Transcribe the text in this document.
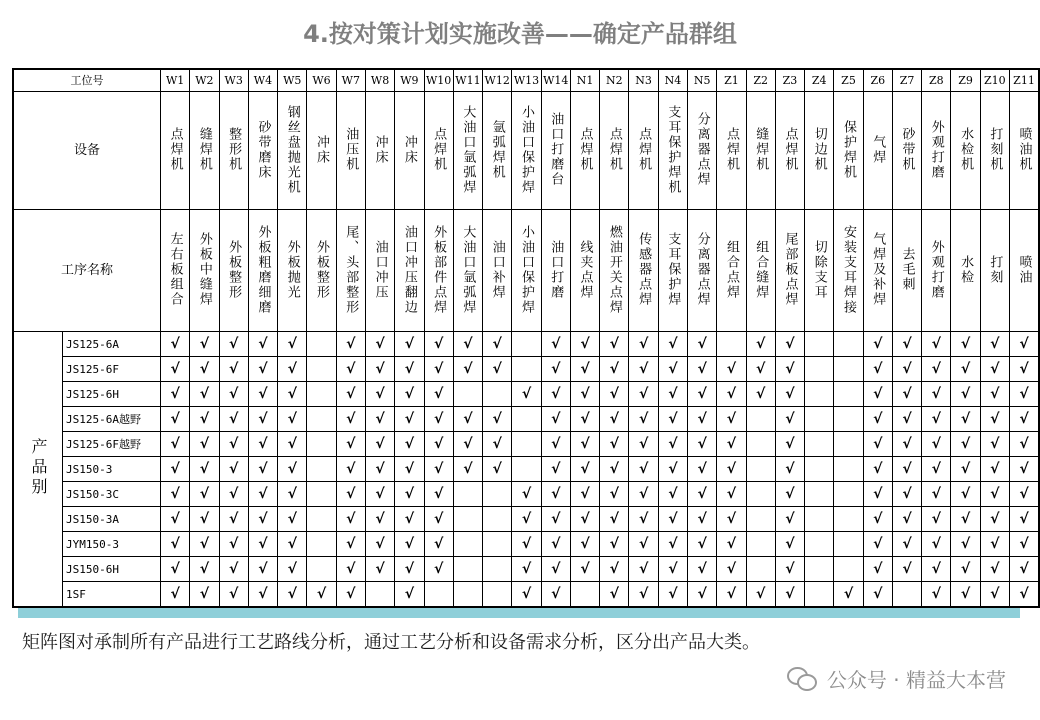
4.按对策计划实施改善——确定产品群组
工位号		W1	W2	W3	W4	W5	W6	W7	W8	W9	W10	W11	W12	W13	W14	N1	N2	N3	N4	N5	Z1	Z2	Z3	Z4	Z5	Z6	Z7	Z8	Z9	Z10	Z11
设备		点焊机	缝焊机	整形机	砂带磨床	钢丝盘抛光机	冲床	油压机	冲床	冲床	点焊机	大油口氩弧焊	氩弧焊机	小油口保护焊	油口打磨台	点焊机	点焊机	点焊机	支耳保护焊机	分离器点焊	点焊机	缝焊机	点焊机	切边机	保护焊机	气焊	砂带机	外观打磨	水检机	打刻机	喷油机
工序名称		左右板组合	外板中缝焊	外板整形	外板粗磨细磨	外板抛光	外板整形	尾、头部整形	油口冲压	油口冲压翻边	外板部件点焊	大油口氩弧焊	油口补焊	小油口保护焊	油口打磨	线夹点焊	燃油开关点焊	传感器点焊	支耳保护焊	分离器点焊	组合点焊	组合缝焊	尾部板点焊	切除支耳	安装支耳焊接	气焊及补焊	去毛刺	外观打磨	水检	打刻	喷油
产品别	JS125-6A	√	√	√	√	√		√	√	√	√	√	√		√	√	√	√	√	√		√	√			√	√	√	√	√	√
	JS125-6F	√	√	√	√	√		√	√	√	√	√	√		√	√	√	√	√	√	√	√	√			√	√	√	√	√	√
	JS125-6H	√	√	√	√	√		√	√	√	√			√	√	√	√	√	√	√	√	√	√			√	√	√	√	√	√
	JS125-6A越野	√	√	√	√	√		√	√	√	√	√	√		√	√	√	√	√	√	√		√			√	√	√	√	√	√
	JS125-6F越野	√	√	√	√	√		√	√	√	√	√	√		√	√	√	√	√	√	√		√			√	√	√	√	√	√
	JS150-3	√	√	√	√	√		√	√	√	√	√	√		√	√	√	√	√	√	√		√			√	√	√	√	√	√
	JS150-3C	√	√	√	√	√		√	√	√	√			√	√	√	√	√	√	√	√		√			√	√	√	√	√	√
	JS150-3A	√	√	√	√	√		√	√	√	√			√	√	√	√	√	√	√	√		√			√	√	√	√	√	√
	JYM150-3	√	√	√	√	√		√	√	√	√			√	√	√	√	√	√	√	√		√			√	√	√	√	√	√
	JS150-6H	√	√	√	√	√		√	√	√	√			√	√	√	√	√	√	√	√		√			√	√	√	√	√	√
	1SF	√	√	√	√	√	√	√		√				√	√		√	√	√	√	√	√	√		√	√		√	√	√	√
矩阵图对承制所有产品进行工艺路线分析，通过工艺分析和设备需求分析，区分出产品大类。
公众号 · 精益大本营
